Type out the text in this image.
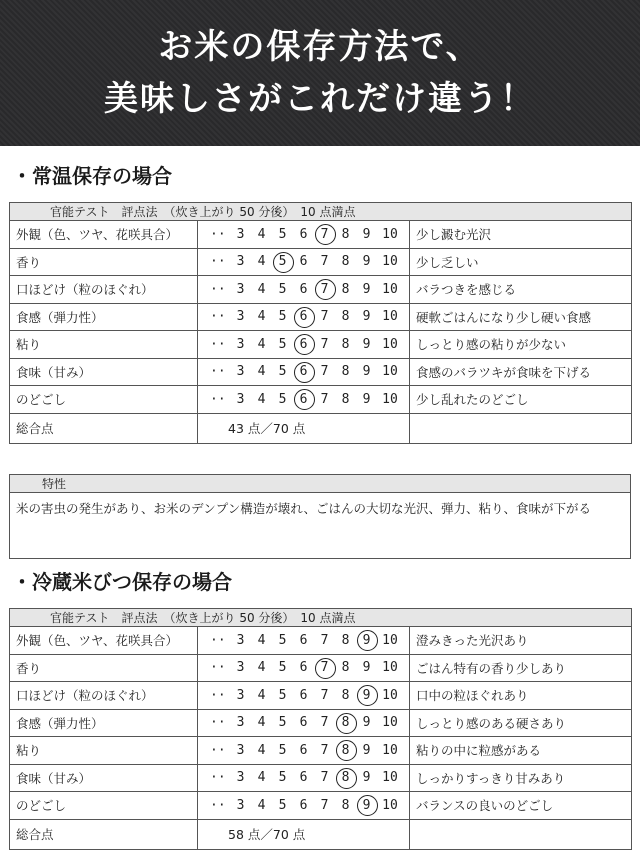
お米の保存方法で、
美味しさがこれだけ違う！
・常温保存の場合
官能テスト　評点法　（炊き上がり 50 分後）　10 点満点		
外観（色、ツヤ、花咲具合）	·· 3 4 5 6 7 8 9 10	少し澱む光沢
香り	·· 3 4 5 6 7 8 9 10	少し乏しい
口ほどけ（粒のほぐれ）	·· 3 4 5 6 7 8 9 10	バラつきを感じる
食感（弾力性）	·· 3 4 5 6 7 8 9 10	硬軟ごはんになり少し硬い食感
粘り	·· 3 4 5 6 7 8 9 10	しっとり感の粘りが少ない
食味（甘み）	·· 3 4 5 6 7 8 9 10	食感のバラツキが食味を下げる
のどごし	·· 3 4 5 6 7 8 9 10	少し乱れたのどごし
総合点	43 点／70 点	
特性
米の害虫の発生があり、お米のデンプン構造が壊れ、ごはんの大切な光沢、弾力、粘り、食味が下がる
・冷蔵米びつ保存の場合
官能テスト　評点法　（炊き上がり 50 分後）　10 点満点		
外観（色、ツヤ、花咲具合）	·· 3 4 5 6 7 8 9 10	澄みきった光沢あり
香り	·· 3 4 5 6 7 8 9 10	ごはん特有の香り少しあり
口ほどけ（粒のほぐれ）	·· 3 4 5 6 7 8 9 10	口中の粒ほぐれあり
食感（弾力性）	·· 3 4 5 6 7 8 9 10	しっとり感のある硬さあり
粘り	·· 3 4 5 6 7 8 9 10	粘りの中に粒感がある
食味（甘み）	·· 3 4 5 6 7 8 9 10	しっかりすっきり甘みあり
のどごし	·· 3 4 5 6 7 8 9 10	バランスの良いのどごし
総合点	58 点／70 点	
